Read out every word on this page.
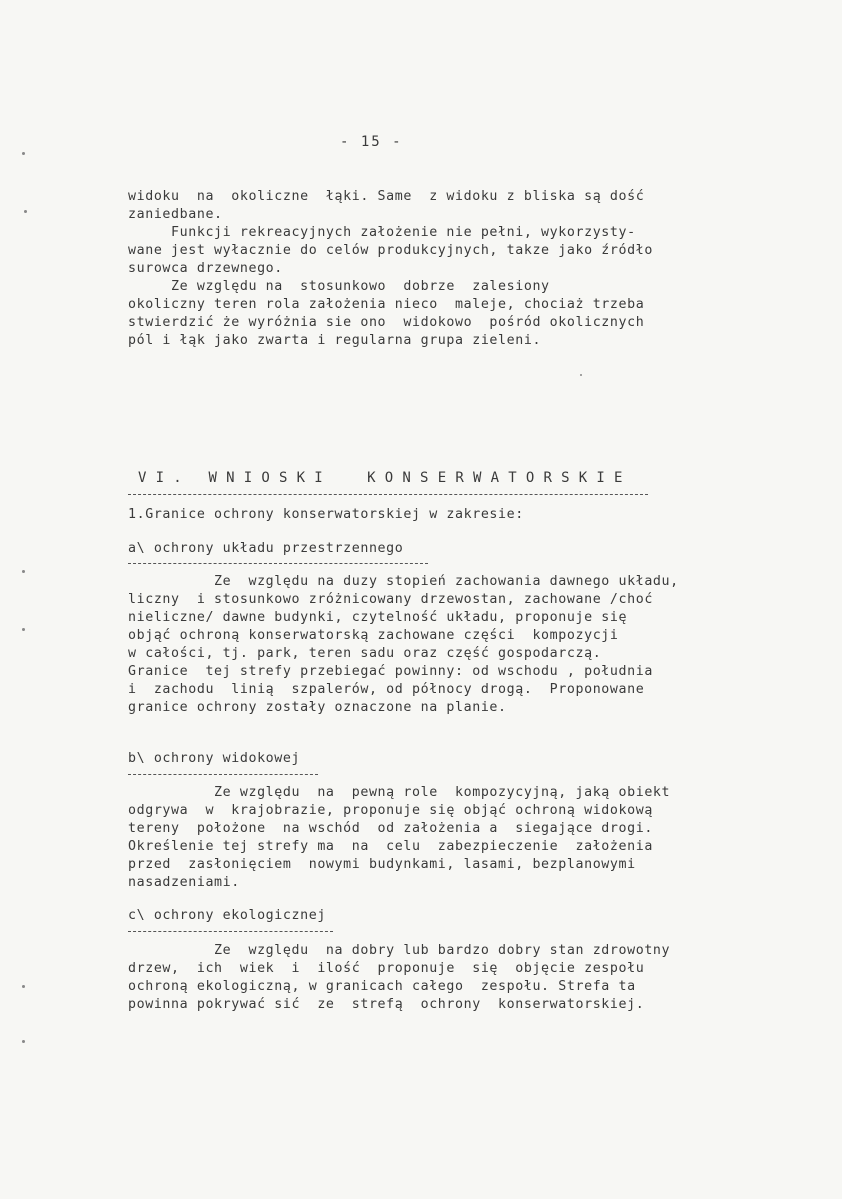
- 15 -
widoku  na  okoliczne  łąki. Same  z widoku z bliska są dość
zaniedbane.
Funkcji rekreacyjnych założenie nie pełni, wykorzysty-
wane jest wyłacznie do celów produkcyjnych, takze jako źródło
surowca drzewnego.
Ze względu na  stosunkowo  dobrze  zalesiony
okoliczny teren rola założenia nieco  maleje, chociaż trzeba
stwierdzić że wyróżnia sie ono  widokowo  pośród okolicznych
pól i łąk jako zwarta i regularna grupa zieleni.
VI. WNIOSKI  KONSERWATORSKIE
1.Granice ochrony konserwatorskiej w zakresie:
a\ ochrony układu przestrzennego
Ze  względu na duzy stopień zachowania dawnego układu,
liczny  i stosunkowo zróżnicowany drzewostan, zachowane /choć
nieliczne/ dawne budynki, czytelność układu, proponuje się
objąć ochroną konserwatorską zachowane części  kompozycji
w całości, tj. park, teren sadu oraz część gospodarczą.
Granice  tej strefy przebiegać powinny: od wschodu , południa
i  zachodu  linią  szpalerów, od północy drogą.  Proponowane
granice ochrony zostały oznaczone na planie.
b\ ochrony widokowej
Ze względu  na  pewną role  kompozycyjną, jaką obiekt
odgrywa  w  krajobrazie, proponuje się objąć ochroną widokową
tereny  położone  na wschód  od założenia a  siegające drogi.
Określenie tej strefy ma  na  celu  zabezpieczenie  założenia
przed  zasłonięciem  nowymi budynkami, lasami, bezplanowymi
nasadzeniami.
c\ ochrony ekologicznej
Ze  względu  na dobry lub bardzo dobry stan zdrowotny
drzew,  ich  wiek  i  ilość  proponuje  się  objęcie zespołu
ochroną ekologiczną, w granicach całego  zespołu. Strefa ta
powinna pokrywać sić  ze  strefą  ochrony  konserwatorskiej.
